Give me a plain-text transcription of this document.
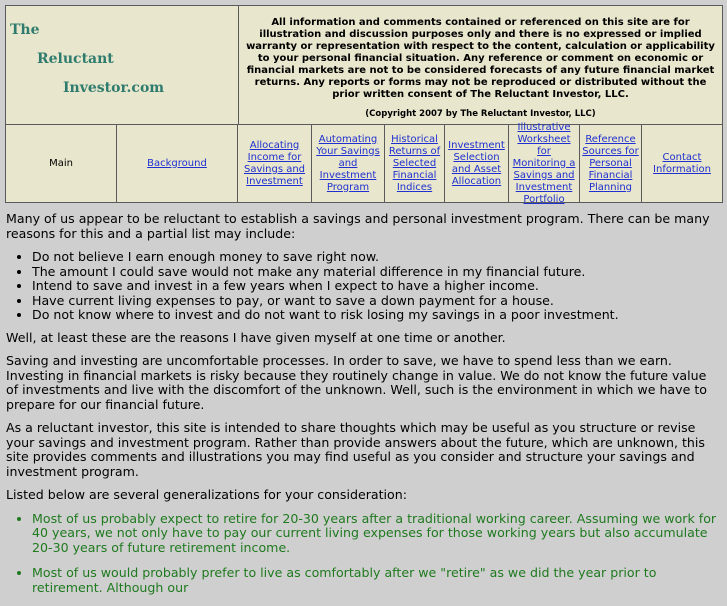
The
Reluctant
Investor.com

All information and comments contained or referenced on this site are for illustration and discussion purposes only and there is no expressed or implied warranty or representation with respect to the content, calculation or applicability to your personal financial situation. Any reference or comment on economic or financial markets are not to be considered forecasts of any future financial market returns. Any reports or forms may not be reproduced or distributed without the prior written consent of The Reluctant Investor, LLC.

(Copyright 2007 by The Reluctant Investor, LLC)

Main	Background
Allocating Income for Savings and Investment
Automating Your Savings and Investment Program
Historical Returns of Selected Financial Indices
Investment Selection and Asset Allocation
Illustrative Worksheet for Monitoring a Savings and Investment Portfolio
Reference Sources for Personal Financial Planning
Contact Information

Many of us appear to be reluctant to establish a savings and personal investment program. There can be many reasons for this and a partial list may include:

• Do not believe I earn enough money to save right now.
• The amount I could save would not make any material difference in my financial future.
• Intend to save and invest in a few years when I expect to have a higher income.
• Have current living expenses to pay, or want to save a down payment for a house.
• Do not know where to invest and do not want to risk losing my savings in a poor investment.

Well, at least these are the reasons I have given myself at one time or another.

Saving and investing are uncomfortable processes. In order to save, we have to spend less than we earn. Investing in financial markets is risky because they routinely change in value. We do not know the future value of investments and live with the discomfort of the unknown. Well, such is the environment in which we have to prepare for our financial future.

As a reluctant investor, this site is intended to share thoughts which may be useful as you structure or revise your savings and investment program. Rather than provide answers about the future, which are unknown, this site provides comments and illustrations you may find useful as you consider and structure your savings and investment program.

Listed below are several generalizations for your consideration:

• Most of us probably expect to retire for 20-30 years after a traditional working career. Assuming we work for 40 years, we not only have to pay our current living expenses for those working years but also accumulate 20-30 years of future retirement income.
• Most of us would probably prefer to live as comfortably after we "retire" as we did the year prior to retirement. Although our
